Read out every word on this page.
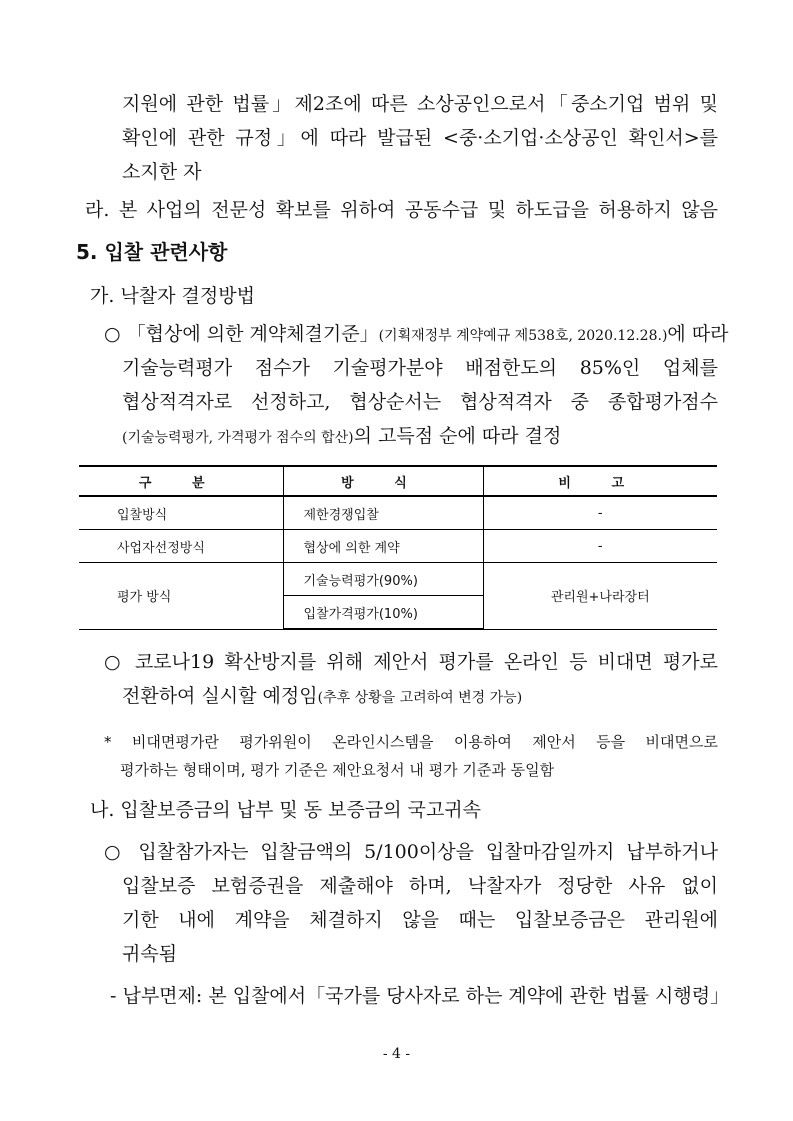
지원에 관한 법률」제2조에 따른 소상공인으로서「중소기업 범위 및
확인에 관한 규정」에 따라 발급된 <중·소기업·소상공인 확인서>를
소지한 자
라. 본 사업의 전문성 확보를 위하여 공동수급 및 하도급을 허용하지 않음
5. 입찰 관련사항
가. 낙찰자 결정방법
○ 「협상에 의한 계약체결기준」(기획재정부 계약예규 제538호, 2020.12.28.)에 따라
기술능력평가 점수가 기술평가분야 배점한도의 85%인 업체를
협상적격자로 선정하고, 협상순서는 협상적격자 중 종합평가점수
(기술능력평가, 가격평가 점수의 합산)의 고득점 순에 따라 결정
구 분	방 식	비 고
입찰방식	제한경쟁입찰	-
사업자선정방식	협상에 의한 계약	-
평가 방식	기술능력평가(90%)	관리원+나라장터
	입찰가격평가(10%)	
○ 코로나19 확산방지를 위해 제안서 평가를 온라인 등 비대면 평가로
전환하여 실시할 예정임(추후 상황을 고려하여 변경 가능)
* 비대면평가란 평가위원이 온라인시스템을 이용하여 제안서 등을 비대면으로
평가하는 형태이며, 평가 기준은 제안요청서 내 평가 기준과 동일함
나. 입찰보증금의 납부 및 동 보증금의 국고귀속
○ 입찰참가자는 입찰금액의 5/100이상을 입찰마감일까지 납부하거나
입찰보증 보험증권을 제출해야 하며, 낙찰자가 정당한 사유 없이
기한 내에 계약을 체결하지 않을 때는 입찰보증금은 관리원에
귀속됨
- 납부면제: 본 입찰에서「국가를 당사자로 하는 계약에 관한 법률 시행령」
- 4 -
